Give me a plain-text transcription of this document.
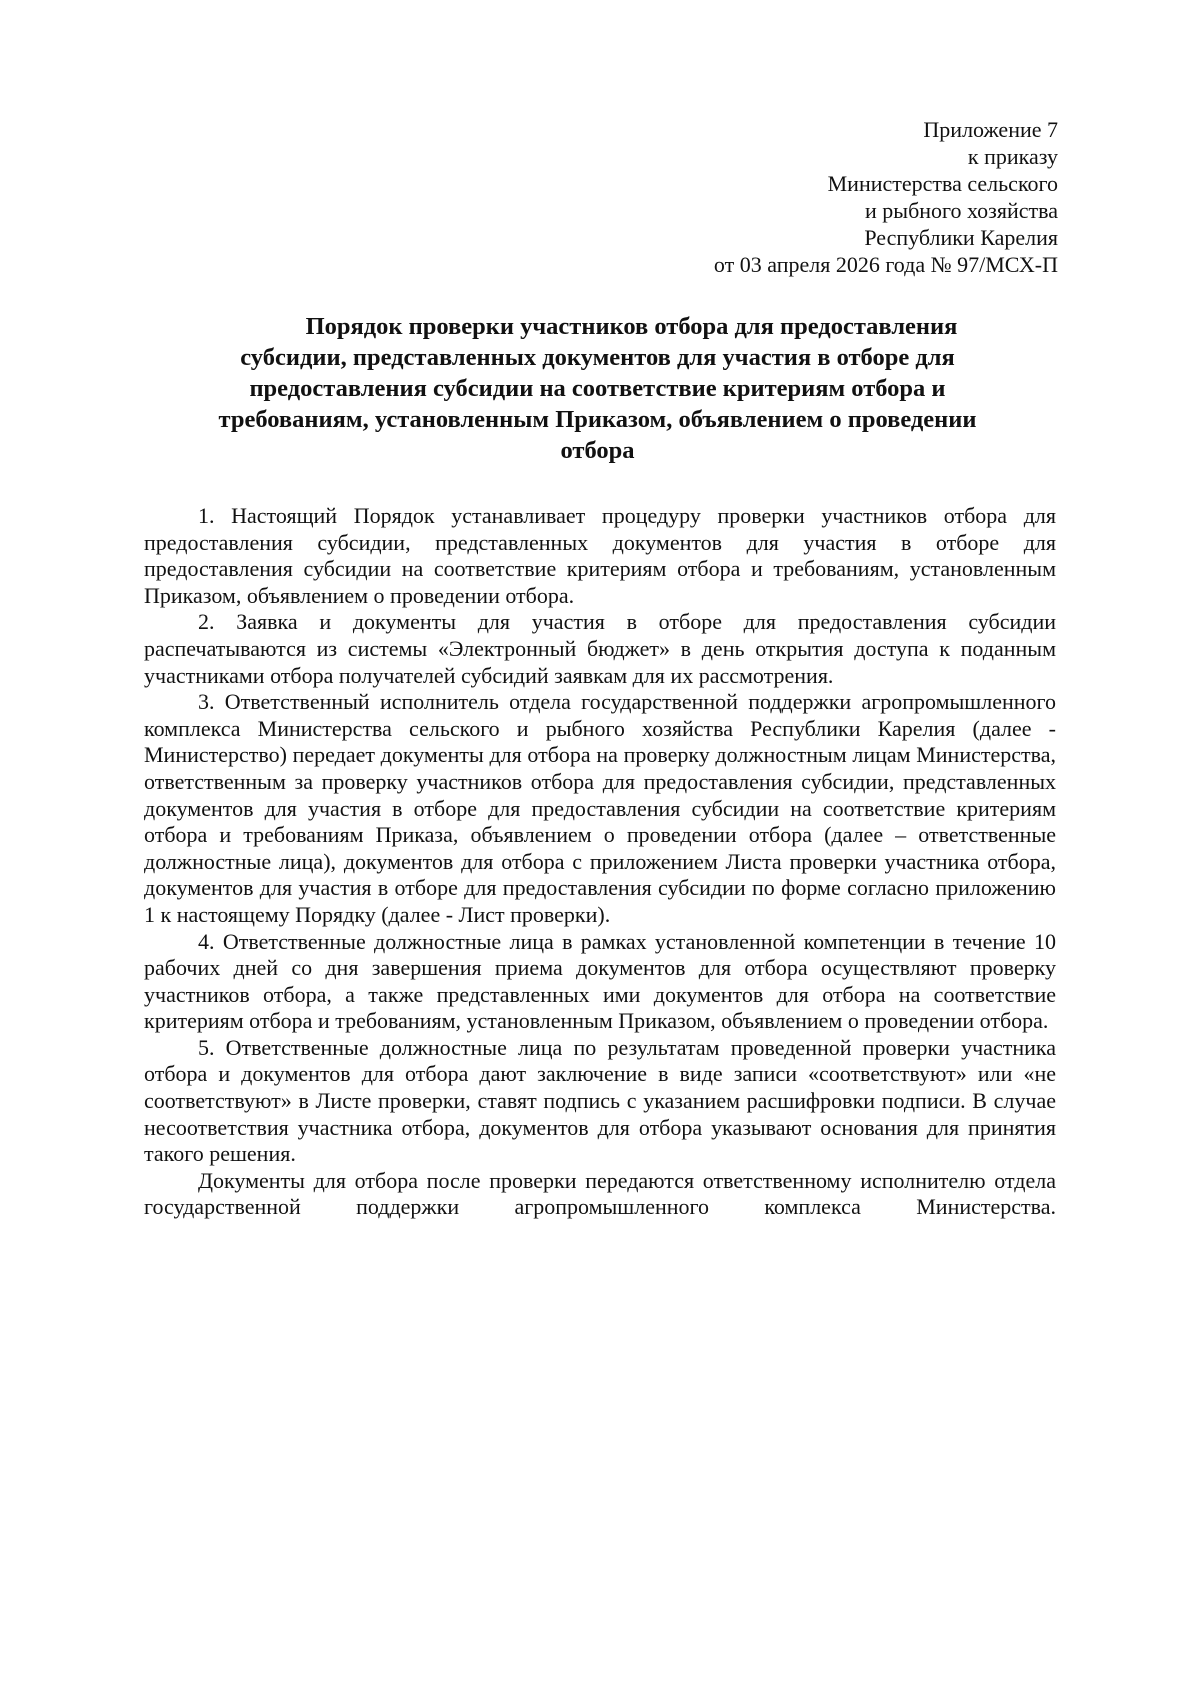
Приложение 7
к приказу
Министерства сельского
и рыбного хозяйства
Республики Карелия
от 03 апреля 2026 года № 97/МСХ-П
Порядок проверки участников отбора для предоставления
субсидии, представленных документов для участия в отборе для
предоставления субсидии на соответствие критериям отбора и
требованиям, установленным Приказом, объявлением о проведении
отбора

1. Настоящий Порядок устанавливает процедуру проверки участников отбора для предоставления субсидии, представленных документов для участия в отборе для предоставления субсидии на соответствие критериям отбора и требованиям, установленным Приказом, объявлением о проведении отбора.

2. Заявка и документы для участия в отборе для предоставления субсидии распечатываются из системы «Электронный бюджет» в день открытия доступа к поданным участниками отбора получателей субсидий заявкам для их рассмотрения.

3. Ответственный исполнитель отдела государственной поддержки агропромышленного комплекса Министерства сельского и рыбного хозяйства Республики Карелия (далее - Министерство) передает документы для отбора на проверку должностным лицам Министерства, ответственным за проверку участников отбора для предоставления субсидии, представленных документов для участия в отборе для предоставления субсидии на соответствие критериям отбора и требованиям Приказа, объявлением о проведении отбора (далее – ответственные должностные лица), документов для отбора с приложением Листа проверки участника отбора, документов для участия в отборе для предоставления субсидии по форме согласно приложению 1 к настоящему Порядку (далее - Лист проверки).

4. Ответственные должностные лица в рамках установленной компетенции в течение 10 рабочих дней со дня завершения приема документов для отбора осуществляют проверку участников отбора, а также представленных ими документов для отбора на соответствие критериям отбора и требованиям, установленным Приказом, объявлением о проведении отбора.

5. Ответственные должностные лица по результатам проведенной проверки участника отбора и документов для отбора дают заключение в виде записи «соответствуют» или «не соответствуют» в Листе проверки, ставят подпись с указанием расшифровки подписи. В случае несоответствия участника отбора, документов для отбора указывают основания для принятия такого решения.

Документы для отбора после проверки передаются ответственному исполнителю отдела государственной поддержки агропромышленного комплекса Министерства.
